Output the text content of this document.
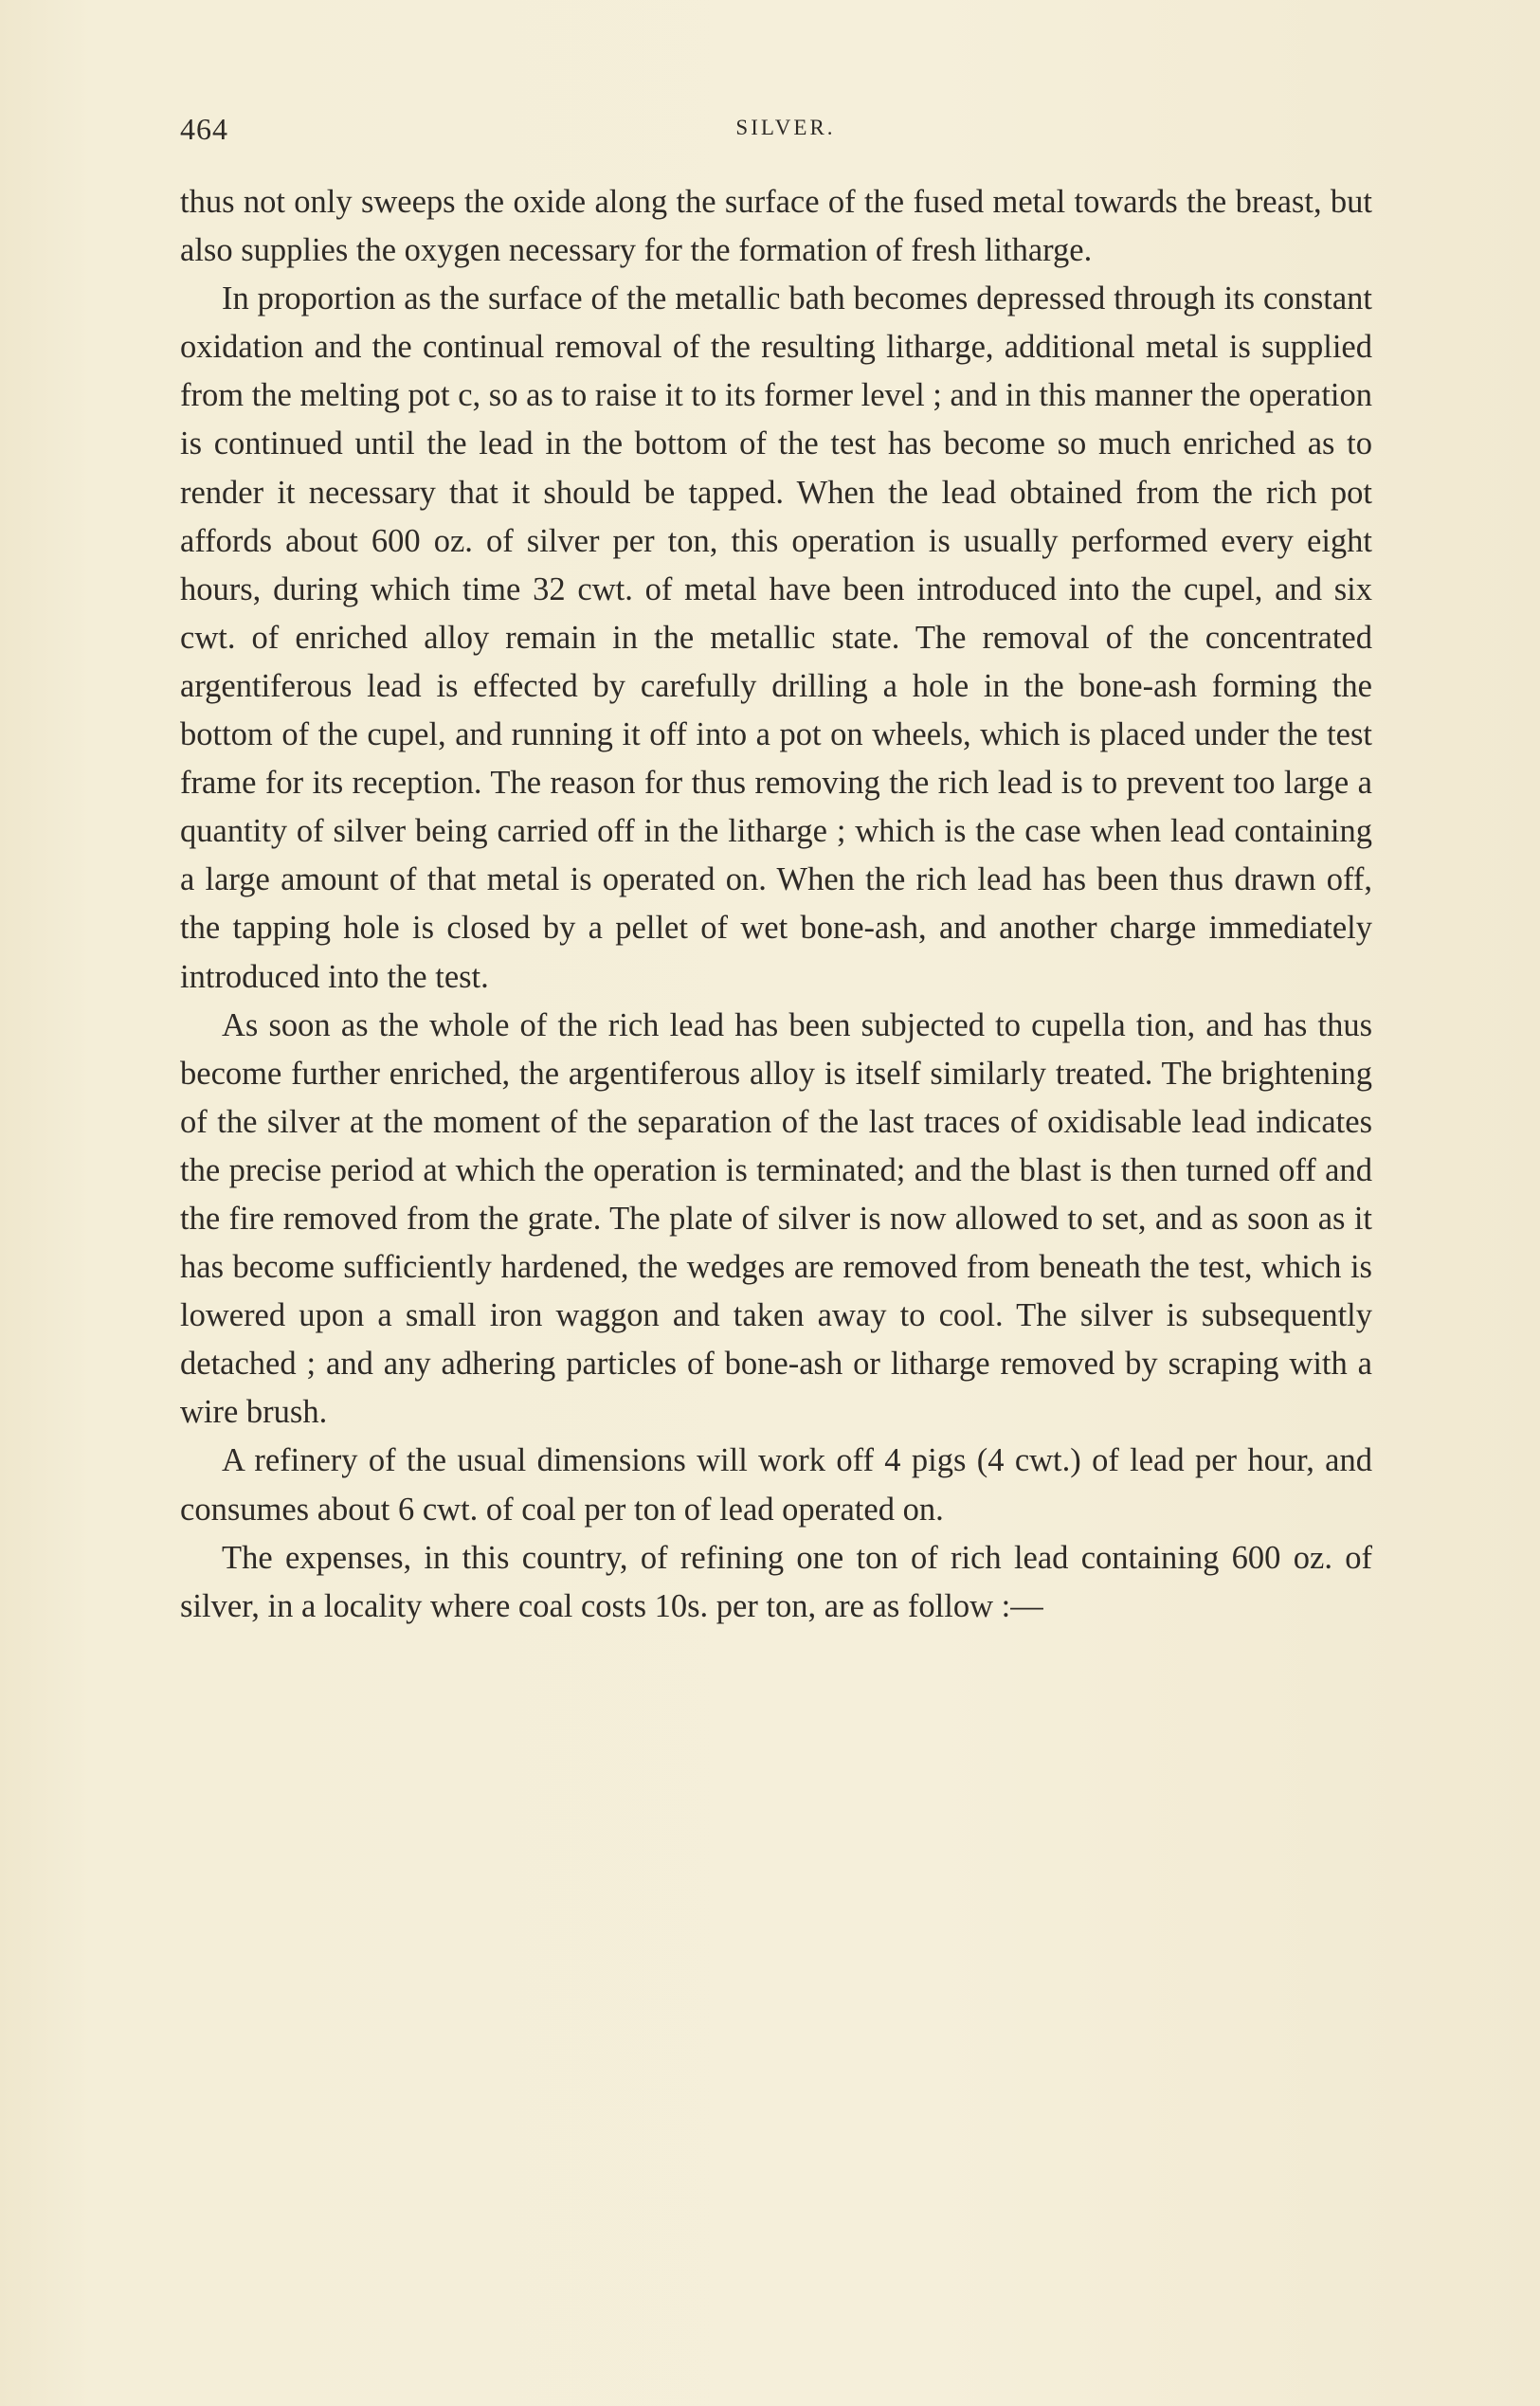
464	SILVER.

thus not only sweeps the oxide along the surface of the fused metal towards the breast, but also supplies the oxygen necessary for the formation of fresh litharge.

In proportion as the surface of the metallic bath becomes depressed through its constant oxidation and the continual removal of the resulting litharge, additional metal is supplied from the melting pot c, so as to raise it to its former level ; and in this manner the operation is continued until the lead in the bottom of the test has become so much enriched as to render it necessary that it should be tapped. When the lead obtained from the rich pot affords about 600 oz. of silver per ton, this operation is usually performed every eight hours, during which time 32 cwt. of metal have been introduced into the cupel, and six cwt. of enriched alloy remain in the metallic state. The removal of the concentrated argentiferous lead is effected by carefully drilling a hole in the bone-ash forming the bottom of the cupel, and running it off into a pot on wheels, which is placed under the test frame for its reception. The reason for thus removing the rich lead is to prevent too large a quantity of silver being carried off in the litharge ; which is the case when lead containing a large amount of that metal is operated on. When the rich lead has been thus drawn off, the tapping hole is closed by a pellet of wet bone-ash, and another charge immediately introduced into the test.

As soon as the whole of the rich lead has been subjected to cupella tion, and has thus become further enriched, the argentiferous alloy is itself similarly treated. The brightening of the silver at the moment of the separation of the last traces of oxidisable lead indicates the precise period at which the operation is terminated; and the blast is then turned off and the fire removed from the grate. The plate of silver is now allowed to set, and as soon as it has become sufficiently hardened, the wedges are removed from beneath the test, which is lowered upon a small iron waggon and taken away to cool. The silver is subsequently detached ; and any adhering particles of bone-ash or litharge removed by scraping with a wire brush.

A refinery of the usual dimensions will work off 4 pigs (4 cwt.) of lead per hour, and consumes about 6 cwt. of coal per ton of lead operated on.

The expenses, in this country, of refining one ton of rich lead containing 600 oz. of silver, in a locality where coal costs 10s. per ton, are as follow :—
